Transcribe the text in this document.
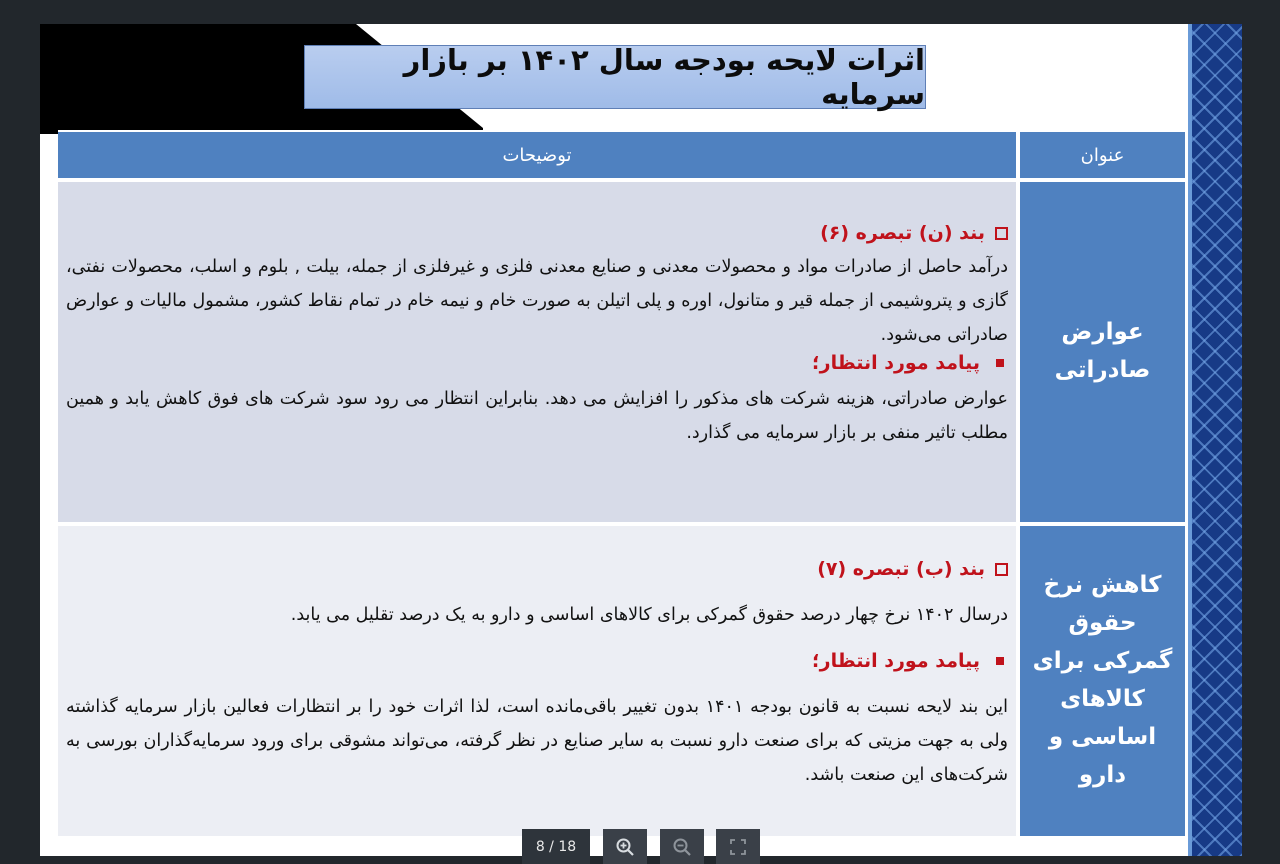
اثرات لایحه بودجه سال ۱۴۰۲ بر بازار سرمایه
توضیحات	عنوان
عوارض صادراتی
بند (ن) تبصره (۶)

درآمد حاصل از صادرات مواد و محصولات معدنی و صنایع معدنی فلزی و غیرفلزی از جمله، بیلت , بلوم و اسلب، محصولات نفتی، گازی و پتروشیمی از جمله قیر و متانول، اوره و پلی اتیلن به صورت خام و نیمه خام در تمام نقاط کشور، مشمول مالیات و عوارض صادراتی می‌شود.

پیامد مورد انتظار؛

عوارض صادراتی، هزینه شرکت های مذکور را افزایش می دهد. بنابراین انتظار می رود سود شرکت های فوق کاهش یابد و همین مطلب تاثیر منفی بر بازار سرمایه می گذارد.

کاهش نرخ حقوق گمرکی برای کالاهای اساسی و دارو
بند (ب) تبصره (۷)

درسال ۱۴۰۲ نرخ چهار درصد حقوق گمرکی برای کالاهای اساسی و دارو به یک درصد تقلیل می یابد.

پیامد مورد انتظار؛

این بند لایحه نسبت به قانون بودجه ۱۴۰۱ بدون تغییر باقی‌مانده است، لذا اثرات خود را بر انتظارات فعالین بازار سرمایه گذاشته ولی به جهت مزیتی که برای صنعت دارو نسبت به سایر صنایع در نظر گرفته، می‌تواند مشوقی برای ورود سرمایه‌گذاران بورسی به شرکت‌های این صنعت باشد.

8 / 18
